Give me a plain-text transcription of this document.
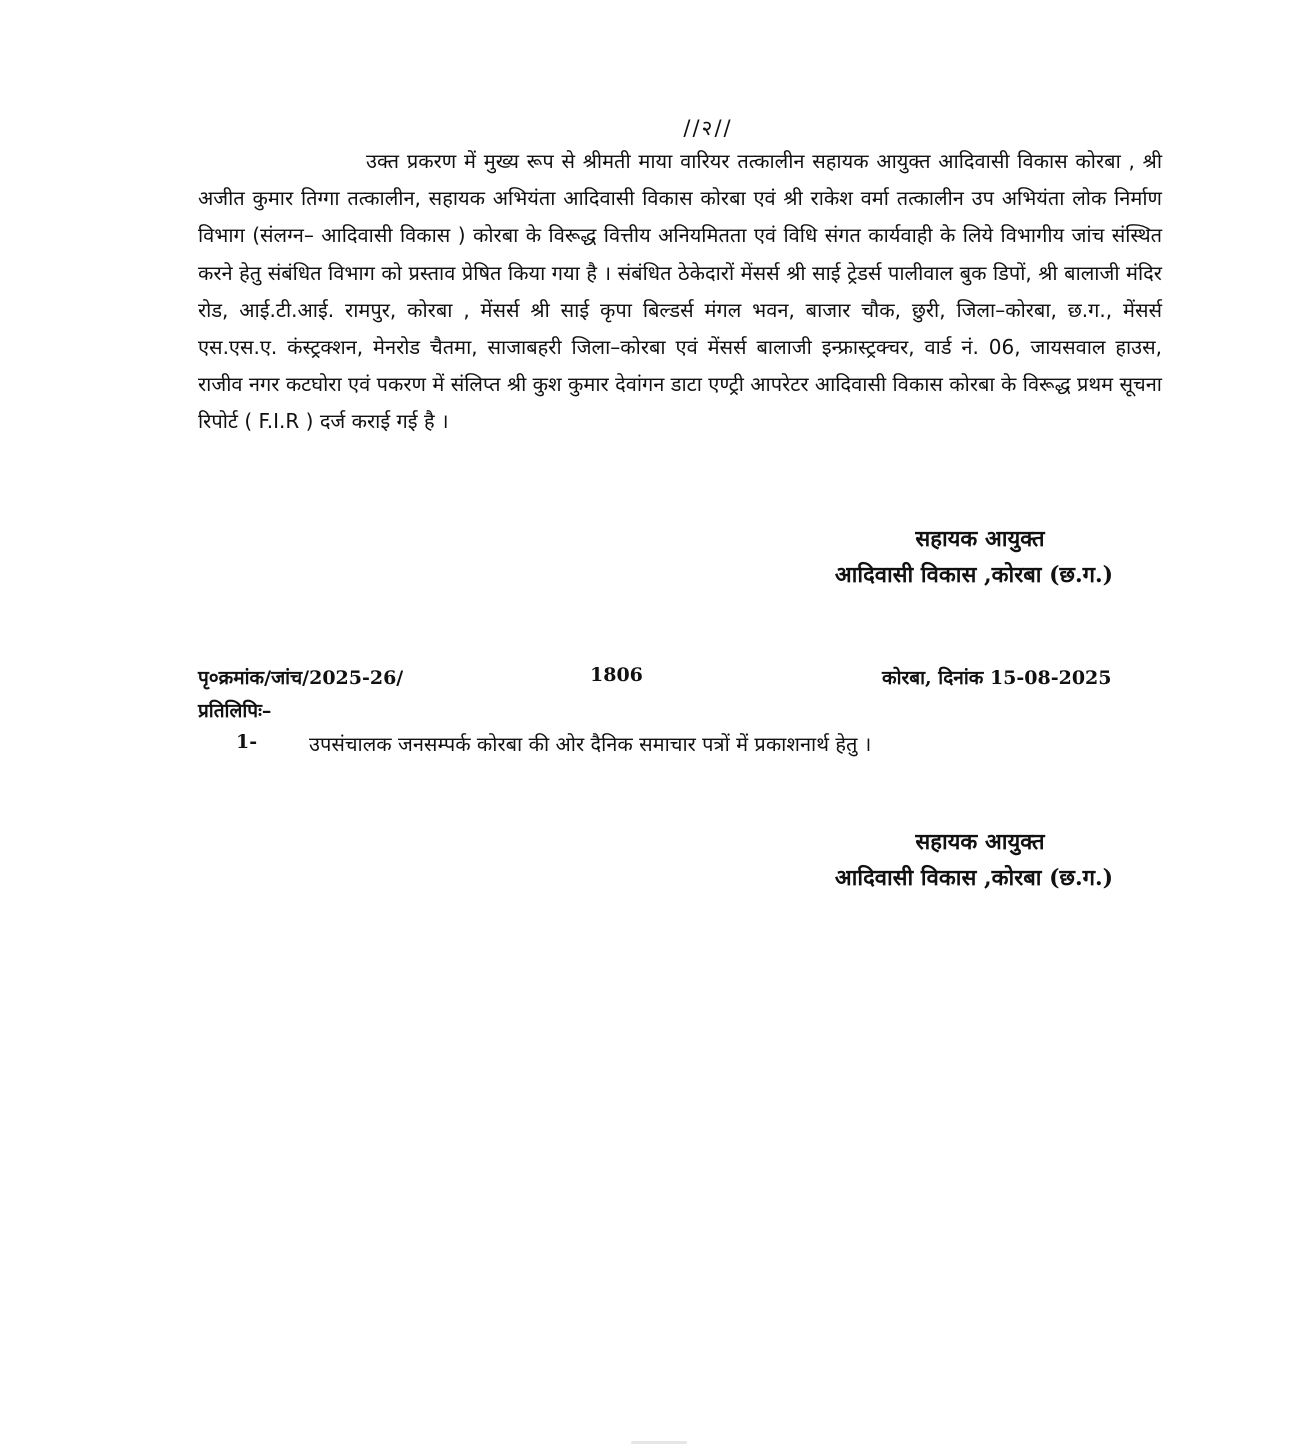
//२//

उक्त प्रकरण में मुख्य रूप से श्रीमती माया वारियर तत्कालीन सहायक आयुक्त आदिवासी विकास कोरबा , श्री अजीत कुमार तिग्गा तत्कालीन, सहायक अभियंता आदिवासी विकास कोरबा एवं श्री राकेश वर्मा तत्कालीन उप अभियंता लोक निर्माण विभाग (संलग्न– आदिवासी विकास ) कोरबा के विरूद्ध वित्तीय अनियमितता एवं विधि संगत कार्यवाही के लिये विभागीय जांच संस्थित करने हेतु संबंधित विभाग को प्रस्ताव प्रेषित किया गया है । संबंधित ठेकेदारों मेंसर्स श्री साई ट्रेडर्स पालीवाल बुक डिपों, श्री बालाजी मंदिर रोड, आई.टी.आई. रामपुर, कोरबा , मेंसर्स श्री साई कृपा बिल्डर्स मंगल भवन, बाजार चौक, छुरी, जिला–कोरबा, छ.ग., मेंसर्स एस.एस.ए. कंस्ट्रक्शन, मेनरोड चैतमा, साजाबहरी जिला–कोरबा एवं मेंसर्स बालाजी इन्फ्रास्ट्रक्चर, वार्ड नं. 06, जायसवाल हाउस, राजीव नगर कटघोरा एवं पकरण में संलिप्त श्री कुश कुमार देवांगन डाटा एण्ट्री आपरेटर आदिवासी विकास कोरबा के विरूद्ध प्रथम सूचना रिपोर्ट ( F.I.R ) दर्ज कराई गई है ।

सहायक आयुक्त
आदिवासी विकास ,कोरबा (छ.ग.)
पृ०क्रमांक/जांच/2025-26/	1806	कोरबा, दिनांक 15-08-2025
प्रतिलिपिः–
1-	उपसंचालक जनसम्पर्क कोरबा की ओर दैनिक समाचार पत्रों में प्रकाशनार्थ हेतु ।
सहायक आयुक्त
आदिवासी विकास ,कोरबा (छ.ग.)
